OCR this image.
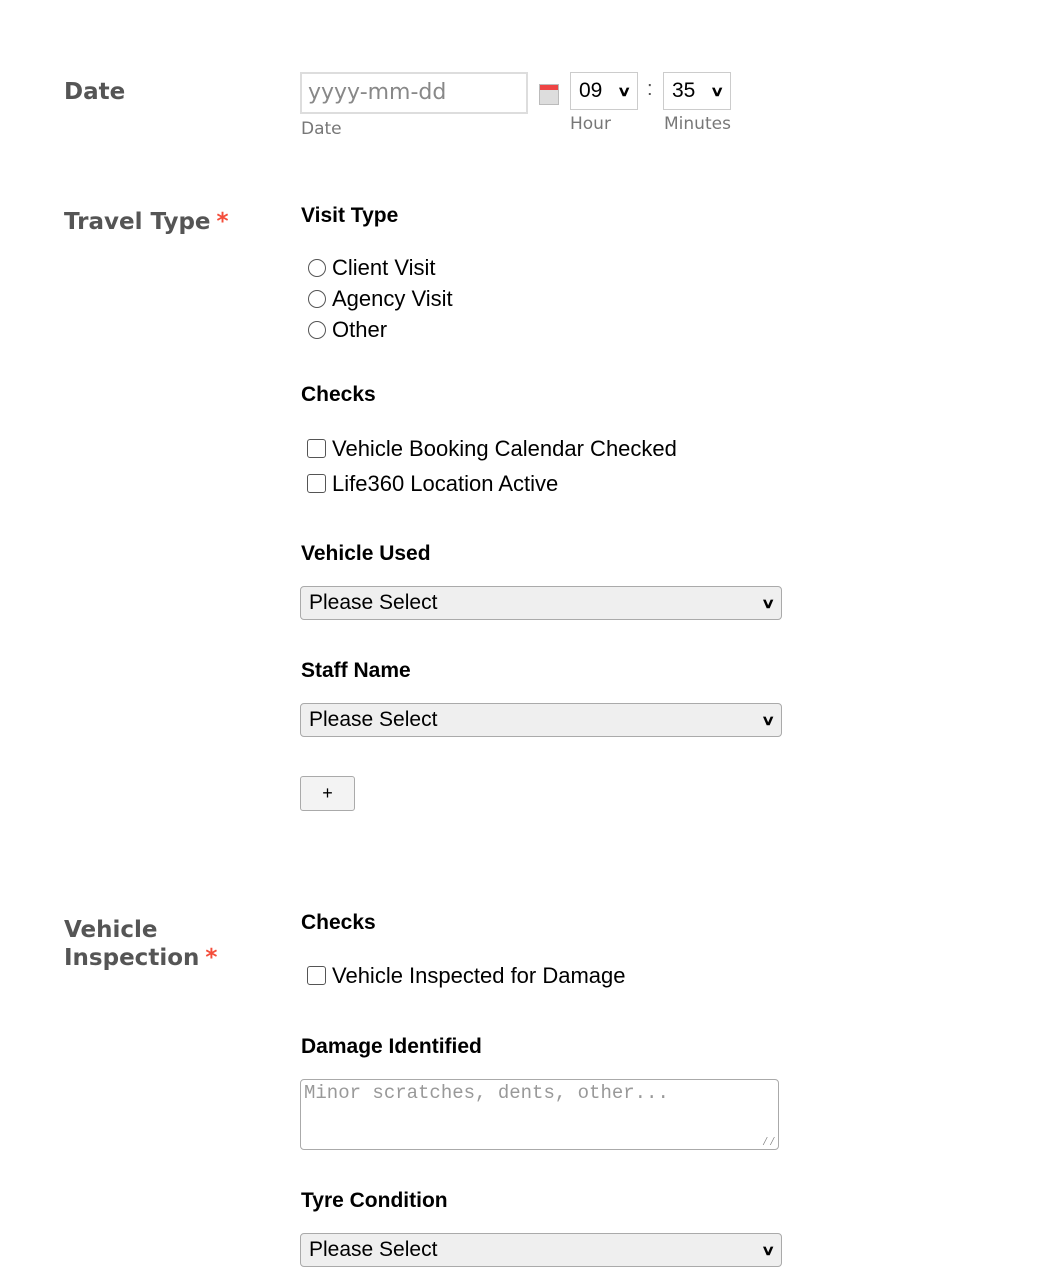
Date	yyyy-mm-dd
Date
09 ∨ : 35 ∨
Hour	Minutes
Travel Type *	Visit Type
Client Visit
Agency Visit
Other
Checks
Vehicle Booking Calendar Checked
Life360 Location Active
Vehicle Used
Please Select	∨
Staff Name
Please Select	∨
+
Vehicle
Inspection *
Checks
Vehicle Inspected for Damage
Damage Identified
Minor scratches, dents, other...
⁄⁄
Tyre Condition
Please Select	∨
